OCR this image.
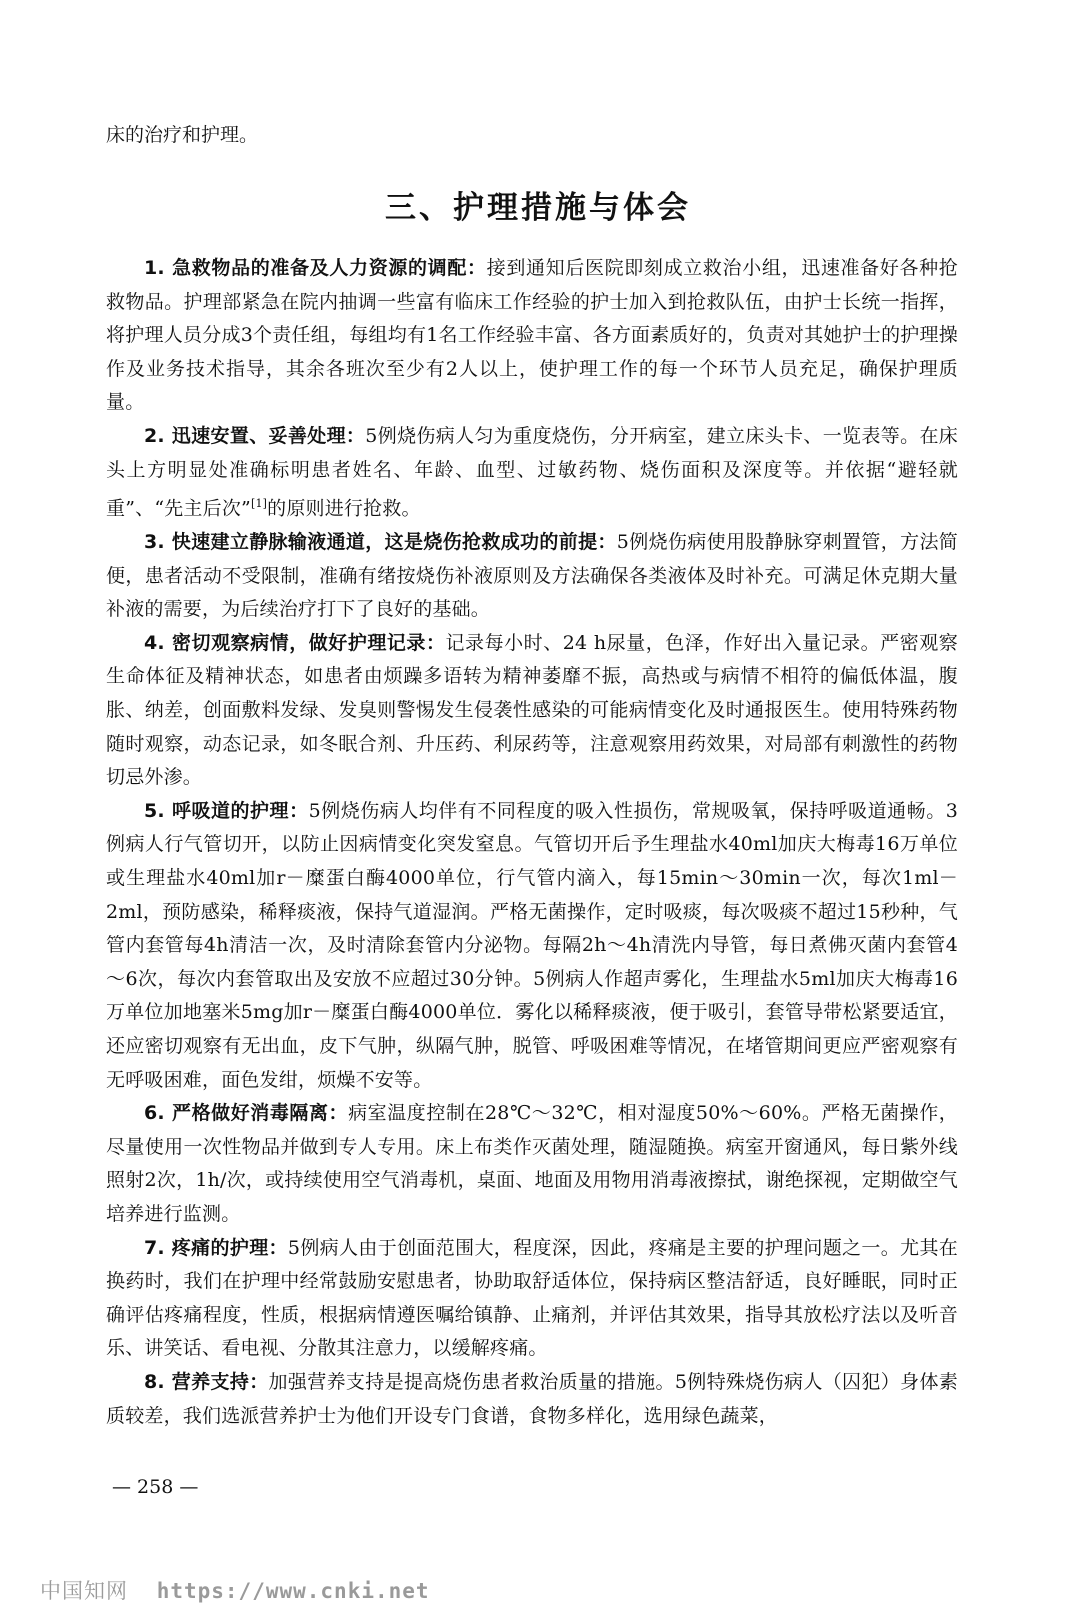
床的治疗和护理。
三、护理措施与体会

1. 急救物品的准备及人力资源的调配：接到通知后医院即刻成立救治小组，迅速准备好各种抢救物品。护理部紧急在院内抽调一些富有临床工作经验的护士加入到抢救队伍，由护士长统一指挥，将护理人员分成3个责任组，每组均有1名工作经验丰富、各方面素质好的，负责对其她护士的护理操作及业务技术指导，其余各班次至少有2人以上，使护理工作的每一个环节人员充足，确保护理质量。

2. 迅速安置、妥善处理：5例烧伤病人匀为重度烧伤，分开病室，建立床头卡、一览表等。在床头上方明显处准确标明患者姓名、年龄、血型、过敏药物、烧伤面积及深度等。并依据“避轻就重”、“先主后次”[1]的原则进行抢救。

3. 快速建立静脉输液通道，这是烧伤抢救成功的前提：5例烧伤病使用股静脉穿刺置管，方法简便，患者活动不受限制，准确有绪按烧伤补液原则及方法确保各类液体及时补充。可满足休克期大量补液的需要，为后续治疗打下了良好的基础。

4. 密切观察病情，做好护理记录：记录每小时、24 h尿量，色泽，作好出入量记录。严密观察生命体征及精神状态，如患者由烦躁多语转为精神萎靡不振，高热或与病情不相符的偏低体温，腹胀、纳差，创面敷料发绿、发臭则警惕发生侵袭性感染的可能病情变化及时通报医生。使用特殊药物随时观察，动态记录，如冬眠合剂、升压药、利尿药等，注意观察用药效果，对局部有刺激性的药物切忌外渗。

5. 呼吸道的护理：5例烧伤病人均伴有不同程度的吸入性损伤，常规吸氧，保持呼吸道通畅。3例病人行气管切开，以防止因病情变化突发窒息。气管切开后予生理盐水40ml加庆大梅毒16万单位或生理盐水40ml加r－糜蛋白酶4000单位，行气管内滴入，每15min～30min一次，每次1ml－2ml，预防感染，稀释痰液，保持气道湿润。严格无菌操作，定时吸痰，每次吸痰不超过15秒种，气管内套管每4h清洁一次，及时清除套管内分泌物。每隔2h～4h清洗内导管，每日煮佛灭菌内套管4～6次，每次内套管取出及安放不应超过30分钟。5例病人作超声雾化，生理盐水5ml加庆大梅毒16万单位加地塞米5mg加r－糜蛋白酶4000单位．雾化以稀释痰液，便于吸引，套管导带松紧要适宜，还应密切观察有无出血，皮下气肿，纵隔气肿，脱管、呼吸困难等情况，在堵管期间更应严密观察有无呼吸困难，面色发绀，烦燥不安等。

6. 严格做好消毒隔离：病室温度控制在28℃～32℃，相对湿度50%～60%。严格无菌操作，尽量使用一次性物品并做到专人专用。床上布类作灭菌处理，随湿随换。病室开窗通风，每日紫外线照射2次，1h/次，或持续使用空气消毒机，桌面、地面及用物用消毒液擦拭，谢绝探视，定期做空气培养进行监测。

7. 疼痛的护理：5例病人由于创面范围大，程度深，因此，疼痛是主要的护理问题之一。尤其在换药时，我们在护理中经常鼓励安慰患者，协助取舒适体位，保持病区整洁舒适，良好睡眠，同时正确评估疼痛程度，性质，根据病情遵医嘱给镇静、止痛剂，并评估其效果，指导其放松疗法以及听音乐、讲笑话、看电视、分散其注意力，以缓解疼痛。

8. 营养支持：加强营养支持是提高烧伤患者救治质量的措施。5例特殊烧伤病人（囚犯）身体素质较差，我们选派营养护士为他们开设专门食谱，食物多样化，选用绿色蔬菜，

— 258 —
中国知网 https://www.cnki.net
